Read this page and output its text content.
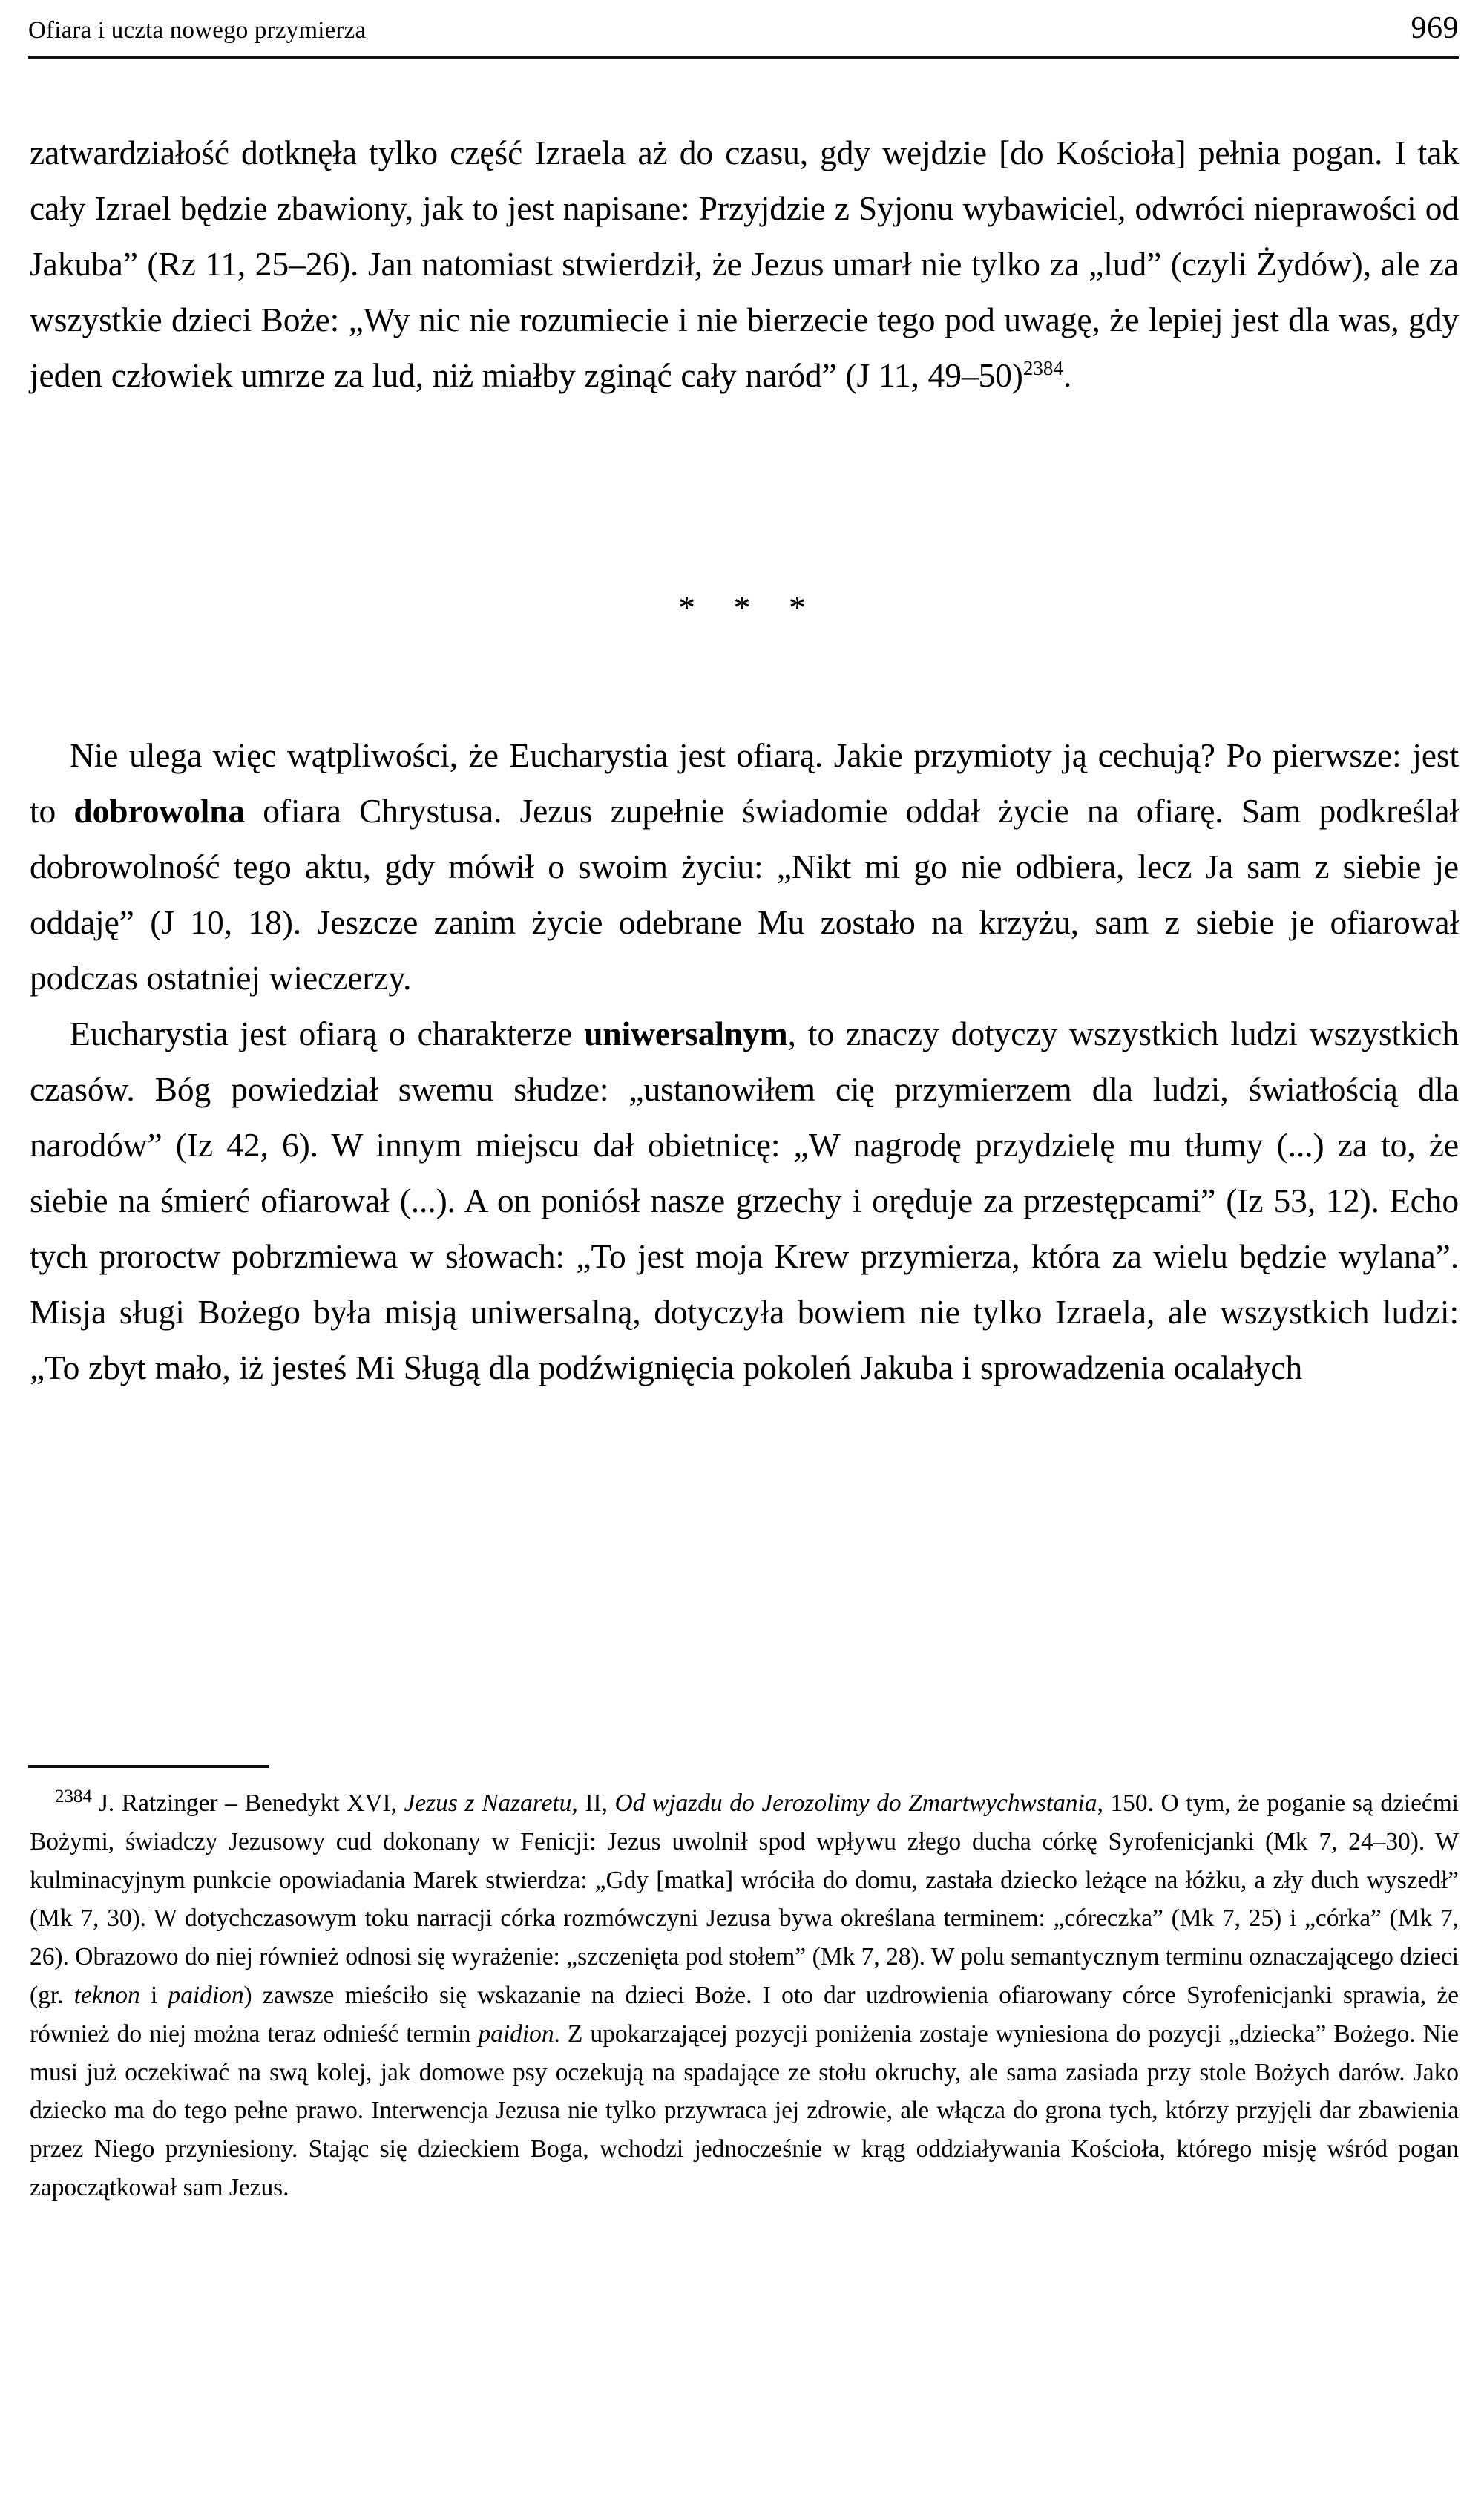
Ofiara i uczta nowego przymierza	969

zatwardziałość dotknęła tylko część Izraela aż do czasu, gdy wejdzie [do Kościoła] pełnia pogan. I tak cały Izrael będzie zbawiony, jak to jest napisane: Przyjdzie z Syjonu wybawiciel, odwróci nieprawości od Jakuba” (Rz 11, 25–26). Jan natomiast stwierdził, że Jezus umarł nie tylko za „lud” (czyli Żydów), ale za wszystkie dzieci Boże: „Wy nic nie rozumiecie i nie bierzecie tego pod uwagę, że lepiej jest dla was, gdy jeden człowiek umrze za lud, niż miałby zginąć cały naród” (J 11, 49–50)$^{2384}$.

* * *

Nie ulega więc wątpliwości, że Eucharystia jest ofiarą. Jakie przymioty ją cechują? Po pierwsze: jest to dobrowolna ofiara Chrystusa. Jezus zupełnie świadomie oddał życie na ofiarę. Sam podkreślał dobrowolność tego aktu, gdy mówił o swoim życiu: „Nikt mi go nie odbiera, lecz Ja sam z siebie je oddaję” (J 10, 18). Jeszcze zanim życie odebrane Mu zostało na krzyżu, sam z siebie je ofiarował podczas ostatniej wieczerzy.

Eucharystia jest ofiarą o charakterze uniwersalnym, to znaczy dotyczy wszystkich ludzi wszystkich czasów. Bóg powiedział swemu słudze: „ustanowiłem cię przymierzem dla ludzi, światłością dla narodów” (Iz 42, 6). W innym miejscu dał obietnicę: „W nagrodę przydzielę mu tłumy (...) za to, że siebie na śmierć ofiarował (...). A on poniósł nasze grzechy i oręduje za przestępcami” (Iz 53, 12). Echo tych proroctw pobrzmiewa w słowach: „To jest moja Krew przymierza, która za wielu będzie wylana”. Misja sługi Bożego była misją uniwersalną, dotyczyła bowiem nie tylko Izraela, ale wszystkich ludzi: „To zbyt mało, iż jesteś Mi Sługą dla podźwignięcia pokoleń Jakuba i sprowadzenia ocalałych

$^{2384}$ J. Ratzinger – Benedykt XVI, Jezus z Nazaretu, II, Od wjazdu do Jerozolimy do Zmartwychwstania, 150. O tym, że poganie są dziećmi Bożymi, świadczy Jezusowy cud dokonany w Fenicji: Jezus uwolnił spod wpływu złego ducha córkę Syrofenicjanki (Mk 7, 24–30). W kulminacyjnym punkcie opowiadania Marek stwierdza: „Gdy [matka] wróciła do domu, zastała dziecko leżące na łóżku, a zły duch wyszedł” (Mk 7, 30). W dotychczasowym toku narracji córka rozmówczyni Jezusa bywa określana terminem: „córeczka” (Mk 7, 25) i „córka” (Mk 7, 26). Obrazowo do niej również odnosi się wyrażenie: „szczenięta pod stołem” (Mk 7, 28). W polu semantycznym terminu oznaczającego dzieci (gr. teknon i paidion) zawsze mieściło się wskazanie na dzieci Boże. I oto dar uzdrowienia ofiarowany córce Syrofenicjanki sprawia, że również do niej można teraz odnieść termin paidion. Z upokarzającej pozycji poniżenia zostaje wyniesiona do pozycji „dziecka” Bożego. Nie musi już oczekiwać na swą kolej, jak domowe psy oczekują na spadające ze stołu okruchy, ale sama zasiada przy stole Bożych darów. Jako dziecko ma do tego pełne prawo. Interwencja Jezusa nie tylko przywraca jej zdrowie, ale włącza do grona tych, którzy przyjęli dar zbawienia przez Niego przyniesiony. Stając się dzieckiem Boga, wchodzi jednocześnie w krąg oddziaływania Kościoła, którego misję wśród pogan zapoczątkował sam Jezus.
